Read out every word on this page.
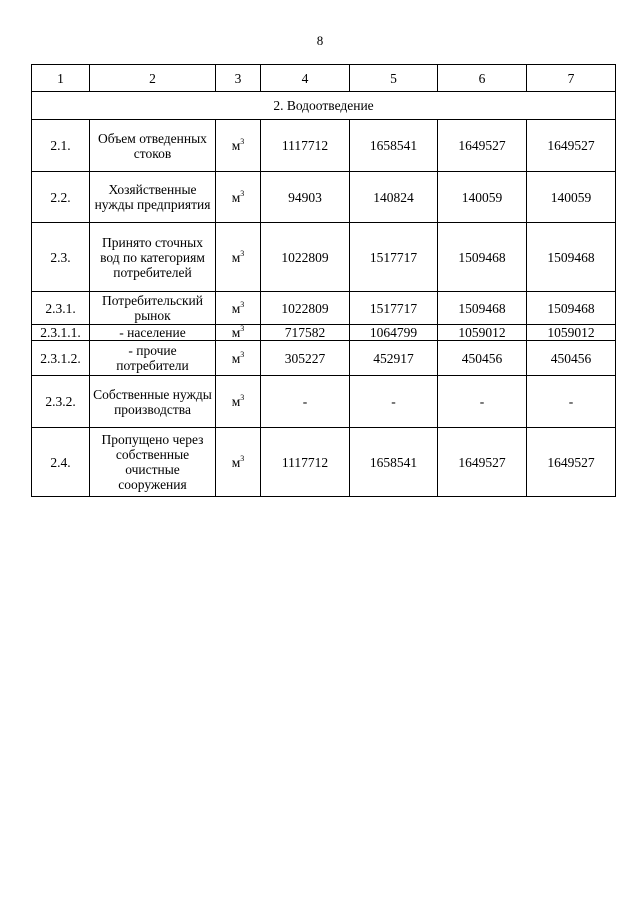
8
1	2	3	4	5	6	7
2. Водоотведение						
2.1.	Объем отведенных стоков	$м^3$	1117712	1658541	1649527	1649527
2.2.	Хозяйственные нужды предприятия	$м^3$	94903	140824	140059	140059
2.3.	Принято сточных вод по категориям потребителей	$м^3$	1022809	1517717	1509468	1509468
2.3.1.	Потребительский рынок	$м^3$	1022809	1517717	1509468	1509468
2.3.1.1.	- население	$м^3$	717582	1064799	1059012	1059012
2.3.1.2.	- прочие потребители	$м^3$	305227	452917	450456	450456
2.3.2.	Собственные нужды производства	$м^3$	-	-	-	-
2.4.	Пропущено через собственные очистные сооружения	$м^3$	1117712	1658541	1649527	1649527
